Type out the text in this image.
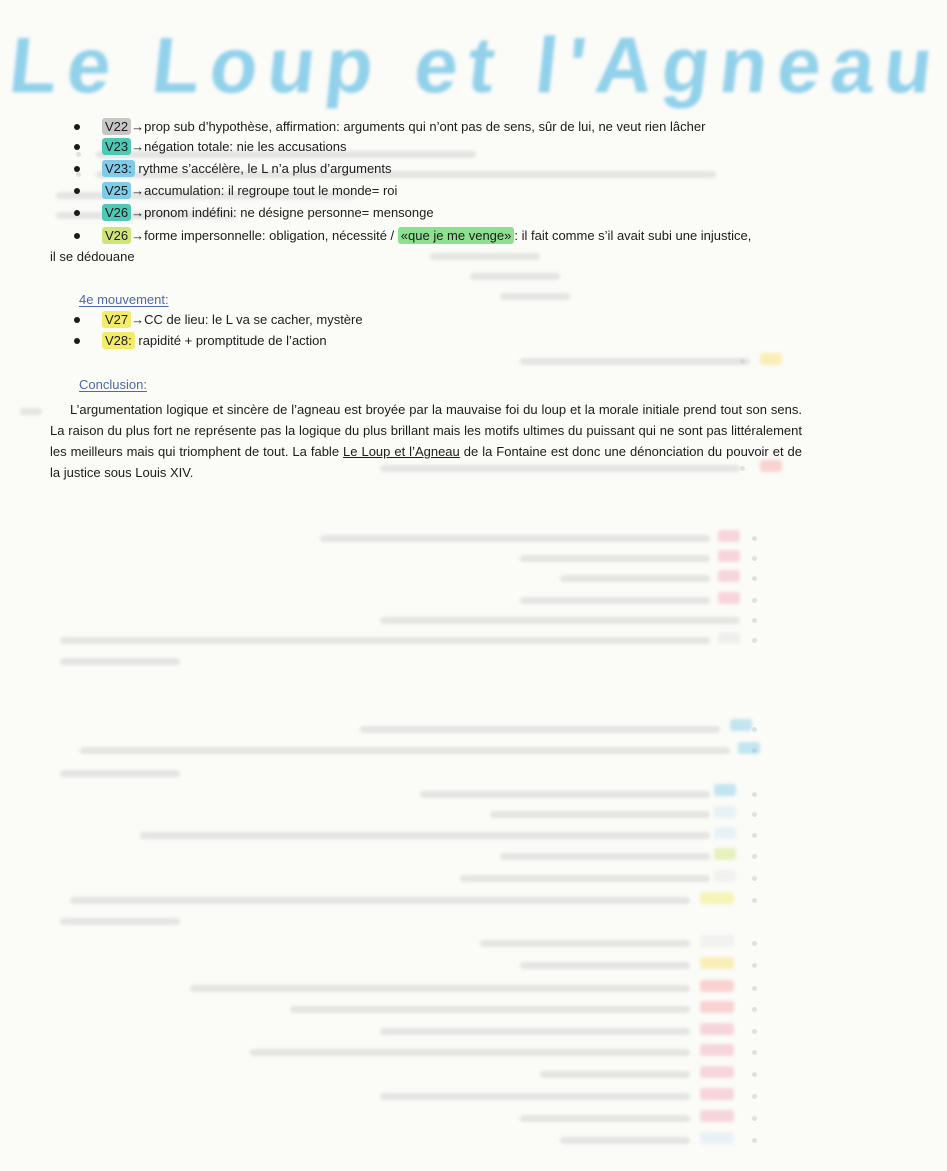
Le Loup et l'Agneau
V22 →prop sub d’hypothèse, affirmation: arguments qui n’ont pas de sens, sûr de lui, ne veut rien lâcher
V23 →négation totale: nie les accusations
V23: rythme s’accélère, le L n’a plus d’arguments
V25 →accumulation: il regroupe tout le monde= roi
V26 →pronom indéfini: ne désigne personne= mensonge
V26 →forme impersonnelle: obligation, nécessité / «que je me venge» : il fait comme s’il avait subi une injustice,
il se dédouane
4e mouvement:
V27 →CC de lieu: le L va se cacher, mystère
V28: rapidité + promptitude de l’action
Conclusion:
L’argumentation logique et sincère de l’agneau est broyée par la mauvaise foi du loup et la morale initiale prend tout son sens. La raison du plus fort ne représente pas la logique du plus brillant mais les motifs ultimes du puissant qui ne sont pas littéralement les meilleurs mais qui triomphent de tout. La fable Le Loup et l’Agneau de la Fontaine est donc une dénonciation du pouvoir et de la justice sous Louis XIV.
